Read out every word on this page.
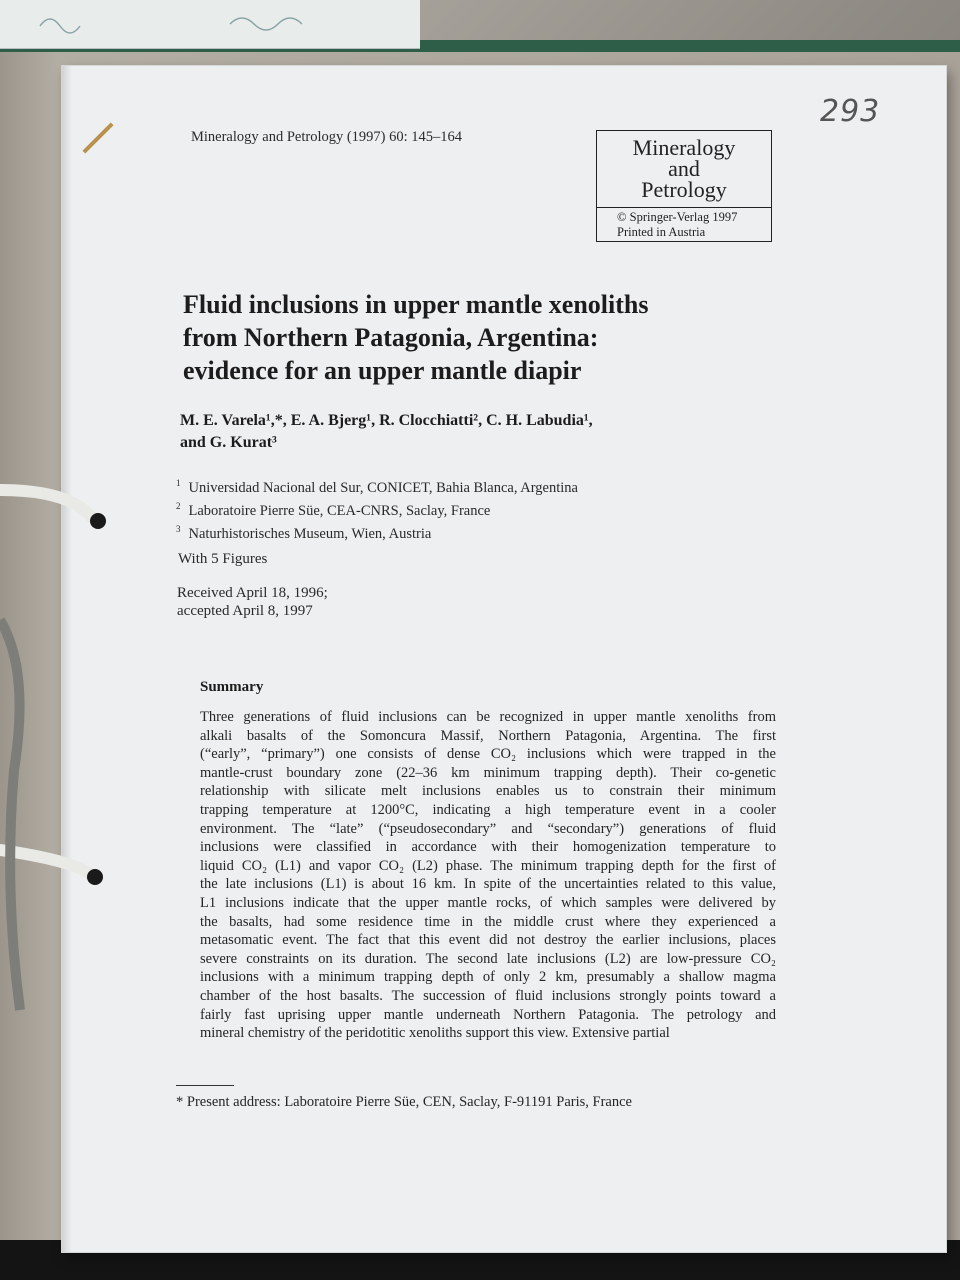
Mineralogy and Petrology (1997) 60: 145–164

293
Mineralogy
and
Petrology
© Springer-Verlag 1997
Printed in Austria
Fluid inclusions in upper mantle xenoliths
from Northern Patagonia, Argentina:
evidence for an upper mantle diapir
M. E. Varela¹,*, E. A. Bjerg¹, R. Clocchiatti², C. H. Labudia¹,
and G. Kurat³
$^1$ Universidad Nacional del Sur, CONICET, Bahia Blanca, Argentina
$^2$ Laboratoire Pierre Süe, CEA-CNRS, Saclay, France
$^3$ Naturhistorisches Museum, Wien, Austria
With 5 Figures
Received April 18, 1996;
accepted April 8, 1997
Summary

Three generations of fluid inclusions can be recognized in upper mantle xenoliths from
alkali basalts of the Somoncura Massif, Northern Patagonia, Argentina. The first
(“early”, “primary”) one consists of dense CO₂ inclusions which were trapped in the
mantle-crust boundary zone (22–36 km minimum trapping depth). Their co-genetic
relationship with silicate melt inclusions enables us to constrain their minimum
trapping temperature at 1200°C, indicating a high temperature event in a cooler
environment. The “late” (“pseudosecondary” and “secondary”) generations of fluid
inclusions were classified in accordance with their homogenization temperature to
liquid CO₂ (L1) and vapor CO₂ (L2) phase. The minimum trapping depth for the first of
the late inclusions (L1) is about 16 km. In spite of the uncertainties related to this value,
L1 inclusions indicate that the upper mantle rocks, of which samples were delivered by
the basalts, had some residence time in the middle crust where they experienced a
metasomatic event. The fact that this event did not destroy the earlier inclusions, places
severe constraints on its duration. The second late inclusions (L2) are low-pressure CO₂
inclusions with a minimum trapping depth of only 2 km, presumably a shallow magma
chamber of the host basalts. The succession of fluid inclusions strongly points toward a
fairly fast uprising upper mantle underneath Northern Patagonia. The petrology and
mineral chemistry of the peridotitic xenoliths support this view. Extensive partial

* Present address: Laboratoire Pierre Süe, CEN, Saclay, F-91191 Paris, France
